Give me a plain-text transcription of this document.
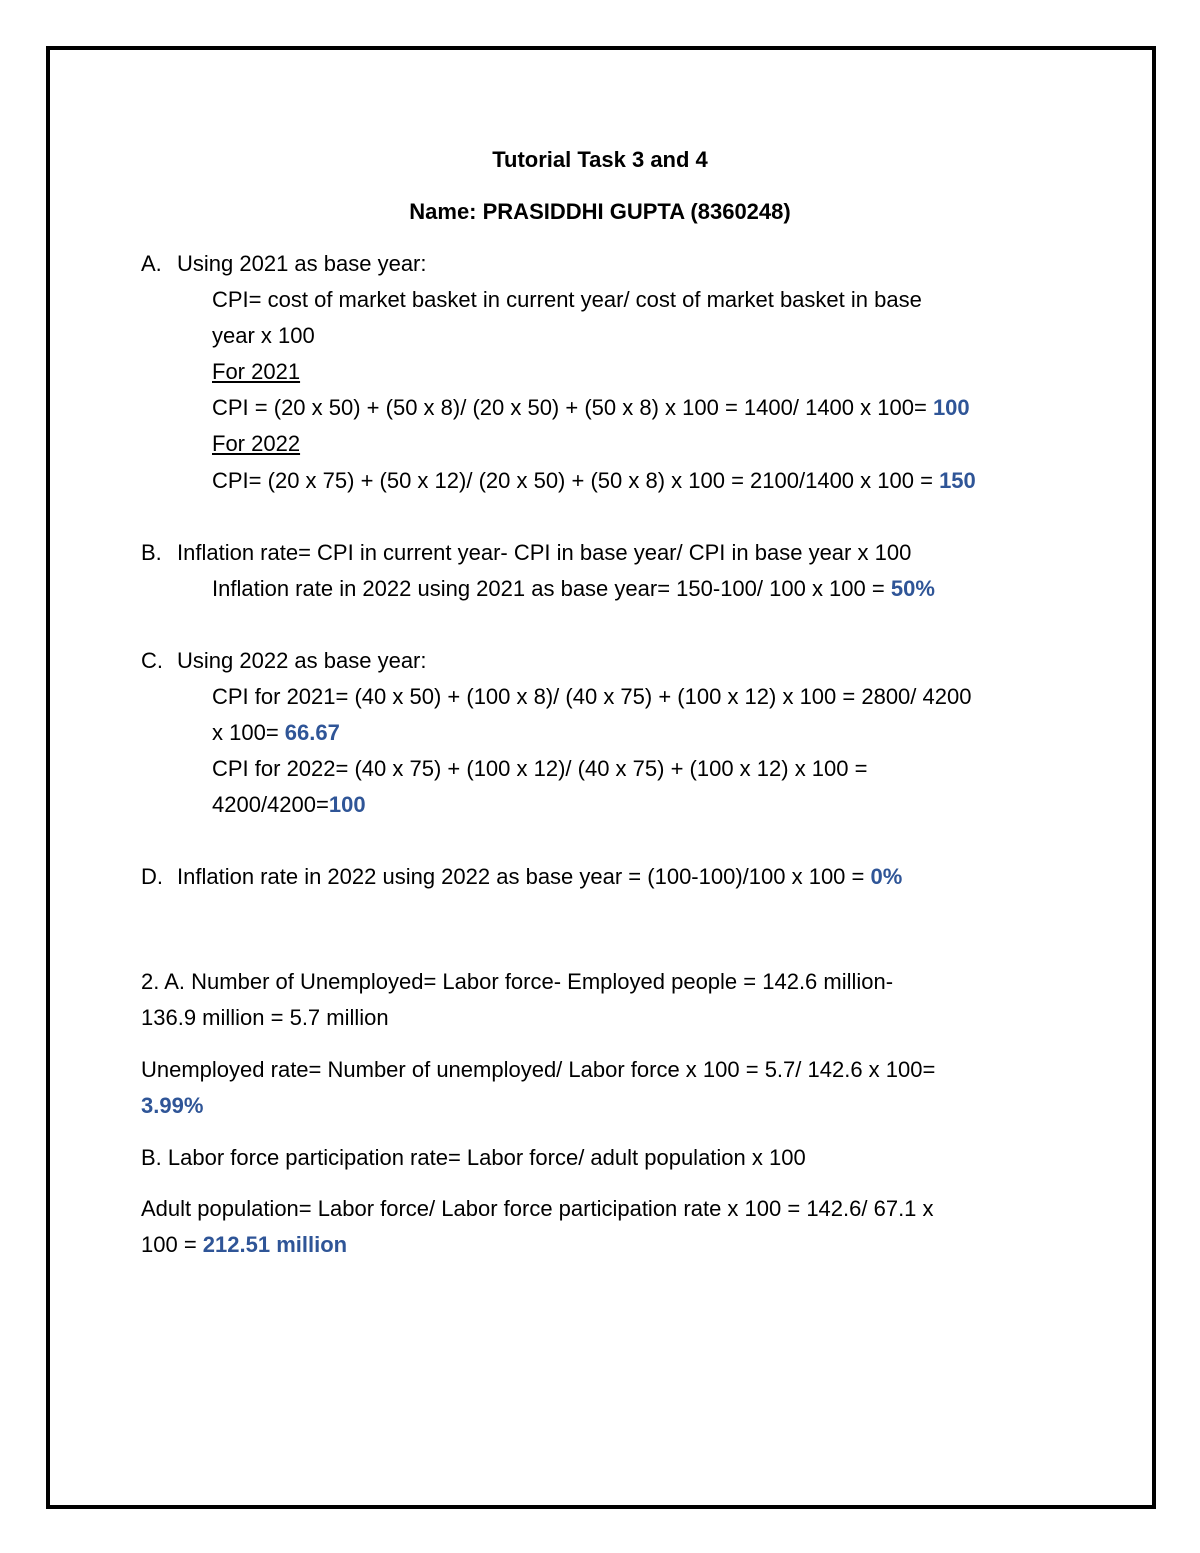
Tutorial Task 3 and 4
Name: PRASIDDHI GUPTA (8360248)
A. Using 2021 as base year:
CPI= cost of market basket in current year/ cost of market basket in base
year x 100
For 2021
CPI = (20 x 50) + (50 x 8)/ (20 x 50) + (50 x 8) x 100 = 1400/ 1400 x 100= 100
For 2022
CPI= (20 x 75) + (50 x 12)/ (20 x 50) + (50 x 8) x 100 = 2100/1400 x 100 = 150
B. Inflation rate= CPI in current year- CPI in base year/ CPI in base year x 100
Inflation rate in 2022 using 2021 as base year= 150-100/ 100 x 100 = 50%
C. Using 2022 as base year:
CPI for 2021= (40 x 50) + (100 x 8)/ (40 x 75) + (100 x 12) x 100 = 2800/ 4200
x 100= 66.67
CPI for 2022= (40 x 75) + (100 x 12)/ (40 x 75) + (100 x 12) x 100 =
4200/4200=100
D. Inflation rate in 2022 using 2022 as base year = (100-100)/100 x 100 = 0%
2. A. Number of Unemployed= Labor force- Employed people = 142.6 million-
136.9 million = 5.7 million
Unemployed rate= Number of unemployed/ Labor force x 100 = 5.7/ 142.6 x 100=
3.99%
B. Labor force participation rate= Labor force/ adult population x 100
Adult population= Labor force/ Labor force participation rate x 100 = 142.6/ 67.1 x
100 = 212.51 million
